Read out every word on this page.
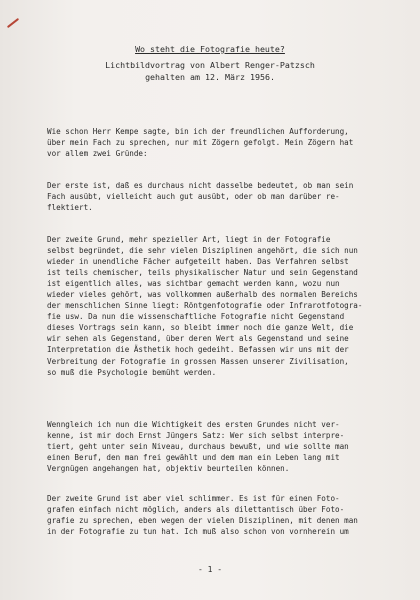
Wo steht die Fotografie heute?
Lichtbildvortrag von Albert Renger-Patzsch
gehalten am 12. März 1956.

Wie schon Herr Kempe sagte, bin ich der freundlichen Aufforderung,
über mein Fach zu sprechen, nur mit Zögern gefolgt. Mein Zögern hat
vor allem zwei Gründe:

Der erste ist, daß es durchaus nicht dasselbe bedeutet, ob man sein
Fach ausübt, vielleicht auch gut ausübt, oder ob man darüber re-
flektiert.

Der zweite Grund, mehr spezieller Art, liegt in der Fotografie
selbst begründet, die sehr vielen Disziplinen angehört, die sich nun
wieder in unendliche Fächer aufgeteilt haben. Das Verfahren selbst
ist teils chemischer, teils physikalischer Natur und sein Gegenstand
ist eigentlich alles, was sichtbar gemacht werden kann, wozu nun
wieder vieles gehört, was vollkommen außerhalb des normalen Bereichs
der menschlichen Sinne liegt: Röntgenfotografie oder Infrarotfotogra-
fie usw. Da nun die wissenschaftliche Fotografie nicht Gegenstand
dieses Vortrags sein kann, so bleibt immer noch die ganze Welt, die
wir sehen als Gegenstand, über deren Wert als Gegenstand und seine
Interpretation die Ästhetik hoch gedeiht. Befassen wir uns mit der
Verbreitung der Fotografie in grossen Massen unserer Zivilisation,
so muß die Psychologie bemüht werden.

Wenngleich ich nun die Wichtigkeit des ersten Grundes nicht ver-
kenne, ist mir doch Ernst Jüngers Satz: Wer sich selbst interpre-
tiert, geht unter sein Niveau, durchaus bewußt, und wie sollte man
einen Beruf, den man frei gewählt und dem man ein Leben lang mit
Vergnügen angehangen hat, objektiv beurteilen können.

Der zweite Grund ist aber viel schlimmer. Es ist für einen Foto-
grafen einfach nicht möglich, anders als dilettantisch über Foto-
grafie zu sprechen, eben wegen der vielen Disziplinen, mit denen man
in der Fotografie zu tun hat. Ich muß also schon von vornherein um

- 1 -
